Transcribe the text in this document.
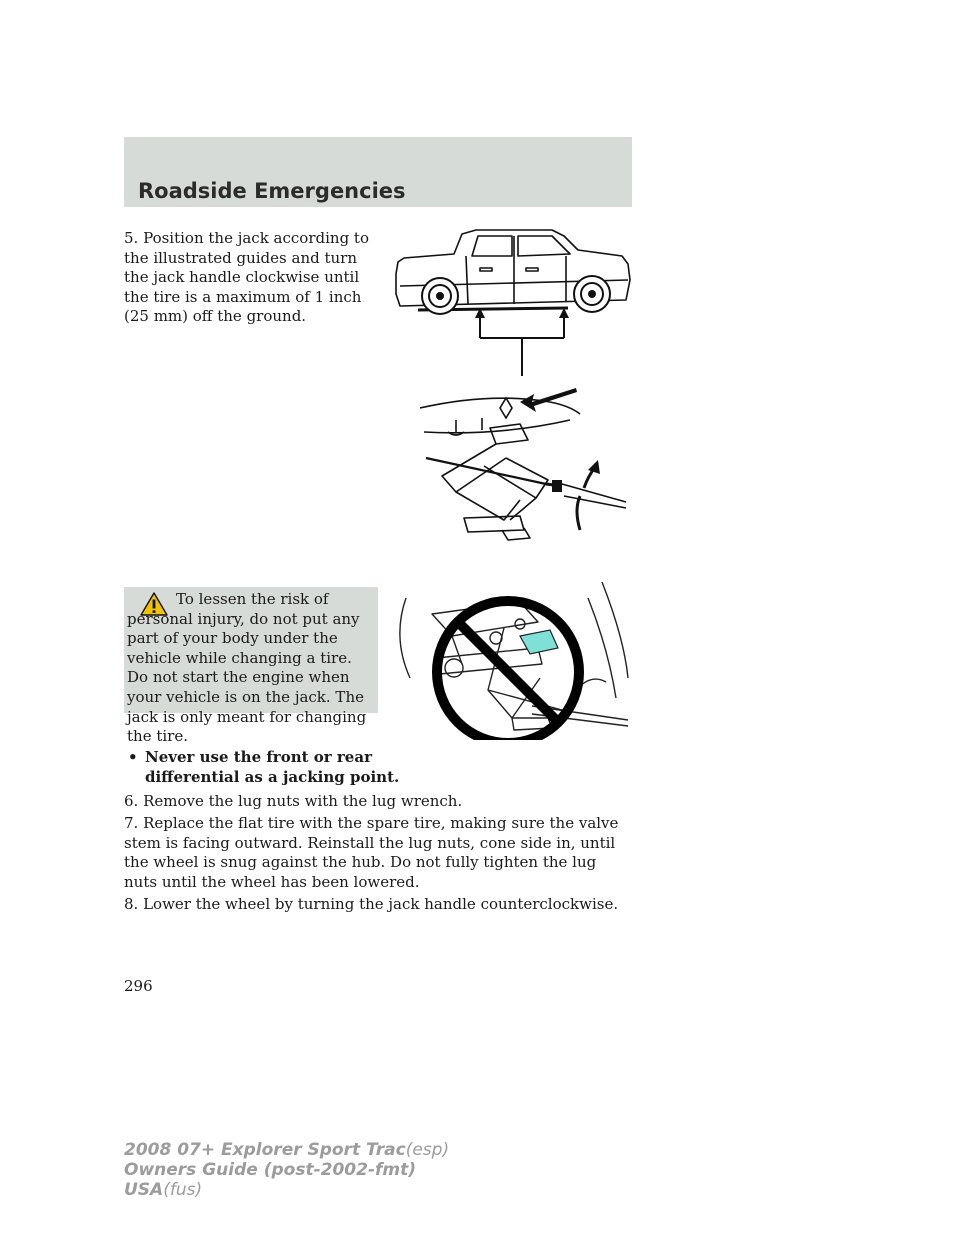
Roadside Emergencies

5. Position the jack according to the illustrated guides and turn the jack handle clockwise until the tire is a maximum of 1 inch (25 mm) off the ground.

To lessen the risk of personal injury, do not put any part of your body under the vehicle while changing a tire. Do not start the engine when your vehicle is on the jack. The jack is only meant for changing the tire.

• Never use the front or rear differential as a jacking point.

6. Remove the lug nuts with the lug wrench.

7. Replace the flat tire with the spare tire, making sure the valve stem is facing outward. Reinstall the lug nuts, cone side in, until the wheel is snug against the hub. Do not fully tighten the lug nuts until the wheel has been lowered.

8. Lower the wheel by turning the jack handle counterclockwise.

296

2008 07+ Explorer Sport Trac(esp)
Owners Guide (post-2002-fmt)
USA(fus)
